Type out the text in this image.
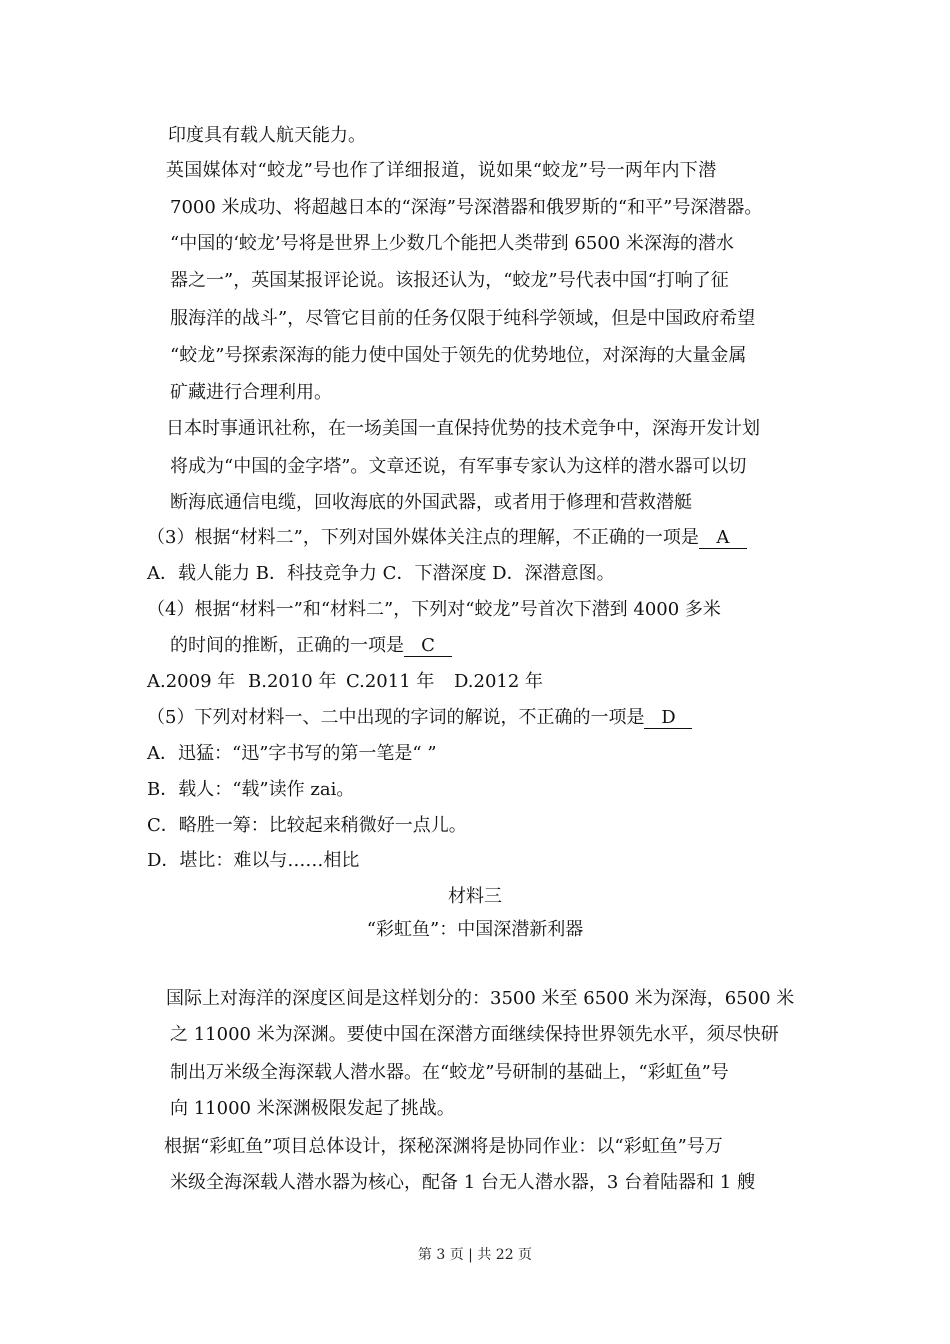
印度具有载人航天能力。
英国媒体对“蛟龙”号也作了详细报道，说如果“蛟龙”号一两年内下潜
7000 米成功、将超越日本的“深海”号深潜器和俄罗斯的“和平”号深潜器。
“中国的‘蛟龙’号将是世界上少数几个能把人类带到 6500 米深海的潜水
器之一”，英国某报评论说。该报还认为，“蛟龙”号代表中国“打响了征
服海洋的战斗”，尽管它目前的任务仅限于纯科学领域，但是中国政府希望
“蛟龙”号探索深海的能力使中国处于领先的优势地位，对深海的大量金属
矿藏进行合理利用。
日本时事通讯社称，在一场美国一直保持优势的技术竞争中，深海开发计划
将成为“中国的金字塔”。文章还说，有军事专家认为这样的潜水器可以切
断海底通信电缆，回收海底的外国武器，或者用于修理和营救潜艇
（3）根据“材料二”，下列对国外媒体关注点的理解，不正确的一项是 A
A．载人能力 B．科技竞争力 C．下潜深度 D．深潜意图。
（4）根据“材料一”和“材料二”，下列对“蛟龙”号首次下潜到 4000 多米
的时间的推断，正确的一项是 C
A.2009 年 B.2010 年 C.2011 年 D.2012 年
（5）下列对材料一、二中出现的字词的解说，不正确的一项是 D
A．迅猛：“迅”字书写的第一笔是“ ”
B．载人：“载”读作 zai。
C．略胜一筹：比较起来稍微好一点儿。
D．堪比：难以与……相比
材料三
“彩虹鱼”：中国深潜新利器
国际上对海洋的深度区间是这样划分的：3500 米至 6500 米为深海，6500 米
之 11000 米为深渊。要使中国在深潜方面继续保持世界领先水平，须尽快研
制出万米级全海深载人潜水器。在“蛟龙”号研制的基础上，“彩虹鱼”号
向 11000 米深渊极限发起了挑战。
根据“彩虹鱼”项目总体设计，探秘深渊将是协同作业：以“彩虹鱼”号万
米级全海深载人潜水器为核心，配备 1 台无人潜水器，3 台着陆器和 1 艘
第 3 页 | 共 22 页
